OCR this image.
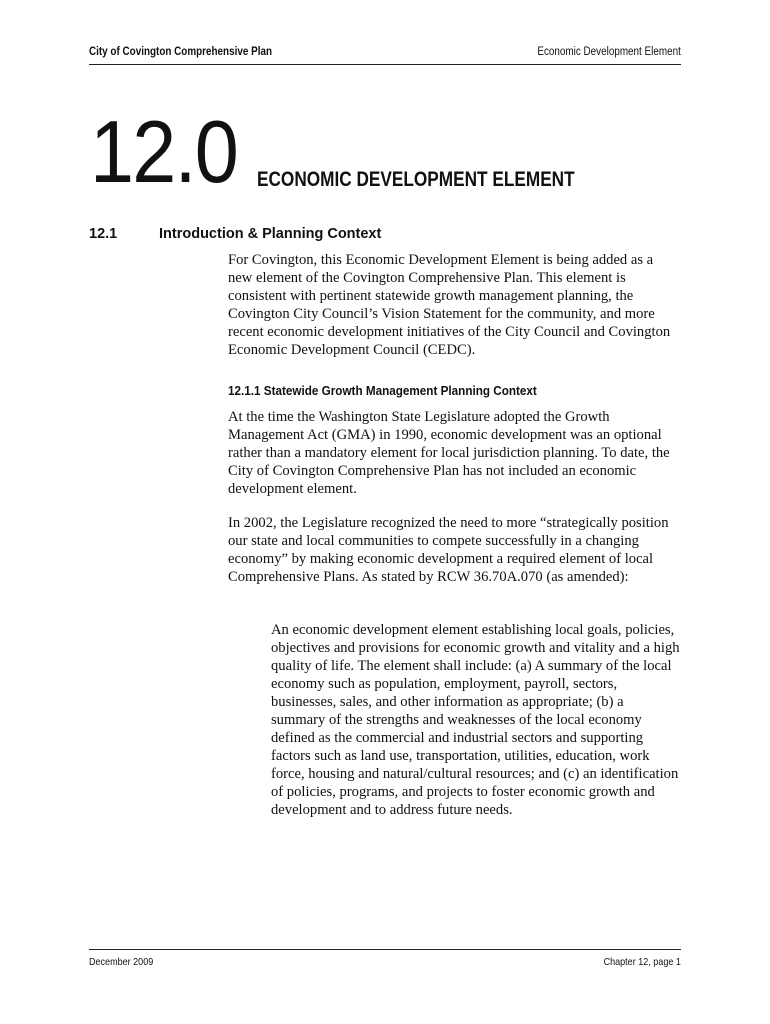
City of Covington Comprehensive Plan	Economic Development Element
12.0 ECONOMIC DEVELOPMENT ELEMENT
12.1	Introduction & Planning Context

For Covington, this Economic Development Element is being added as a new element of the Covington Comprehensive Plan. This element is consistent with pertinent statewide growth management planning, the Covington City Council’s Vision Statement for the community, and more recent economic development initiatives of the City Council and Covington Economic Development Council (CEDC).

12.1.1 Statewide Growth Management Planning Context

At the time the Washington State Legislature adopted the Growth Management Act (GMA) in 1990, economic development was an optional rather than a mandatory element for local jurisdiction planning. To date, the City of Covington Comprehensive Plan has not included an economic development element.

In 2002, the Legislature recognized the need to more “strategically position our state and local communities to compete successfully in a changing economy” by making economic development a required element of local Comprehensive Plans. As stated by RCW 36.70A.070 (as amended):

An economic development element establishing local goals, policies, objectives and provisions for economic growth and vitality and a high quality of life. The element shall include: (a) A summary of the local economy such as population, employment, payroll, sectors, businesses, sales, and other information as appropriate; (b) a summary of the strengths and weaknesses of the local economy defined as the commercial and industrial sectors and supporting factors such as land use, transportation, utilities, education, work force, housing and natural/cultural resources; and (c) an identification of policies, programs, and projects to foster economic growth and development and to address future needs.

December 2009	Chapter 12, page 1
